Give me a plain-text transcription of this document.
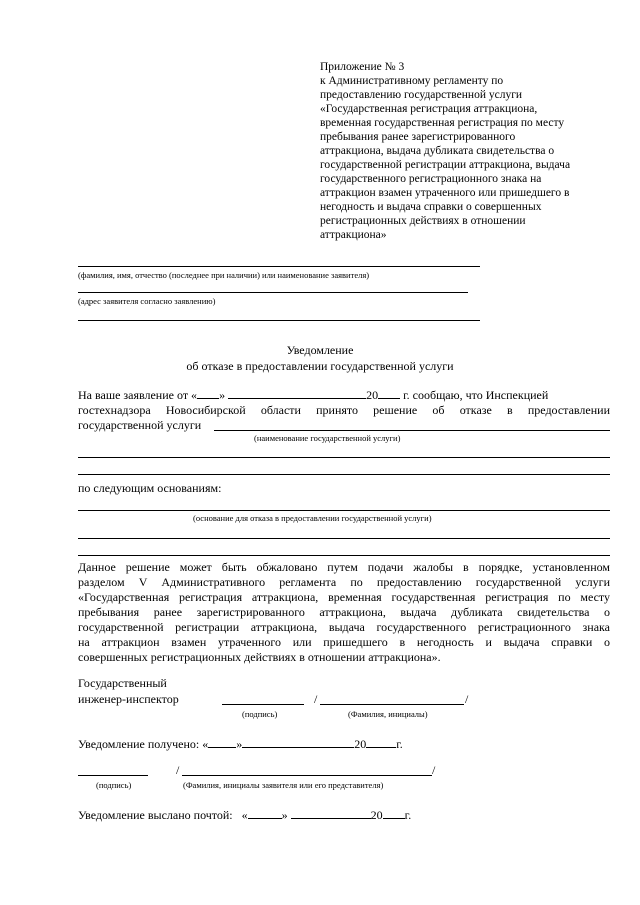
Приложение № 3
к Административному регламенту по
предоставлению государственной услуги
«Государственная регистрация аттракциона,
временная государственная регистрация по месту
пребывания ранее зарегистрированного
аттракциона, выдача дубликата свидетельства о
государственной регистрации аттракциона, выдача
государственного регистрационного знака на
аттракцион взамен утраченного или пришедшего в
негодность и выдача справки о совершенных
регистрационных действиях в отношении
аттракциона»
(фамилия, имя, отчество (последнее при наличии) или наименование заявителя)
(адрес заявителя согласно заявлению)
Уведомление
об отказе в предоставлении государственной услуги
На ваше заявление от « »	20 г. сообщаю, что Инспекцией
гостехнадзора Новосибирской области принято решение об отказе в предоставлении
государственной услуги
(наименование государственной услуги)
по следующим основаниям:
(основание для отказа в предоставлении государственной услуги)
Данное решение может быть обжаловано путем подачи жалобы в порядке, установленном
разделом V Административного регламента по предоставлению государственной услуги
«Государственная регистрация аттракциона, временная государственная регистрация по месту
пребывания ранее зарегистрированного аттракциона, выдача дубликата свидетельства о
государственной регистрации аттракциона, выдача государственного регистрационного знака
на аттракцион взамен утраченного или пришедшего в негодность и выдача справки о
совершенных регистрационных действиях в отношении аттракциона».
Государственный
инженер-инспектор	/	/
(подпись)	(Фамилия, инициалы)
Уведомление получено: « »	20	г.
/	/
(подпись)	(Фамилия, инициалы заявителя или его представителя)
Уведомление выслано почтой:   «	»	20 г.
